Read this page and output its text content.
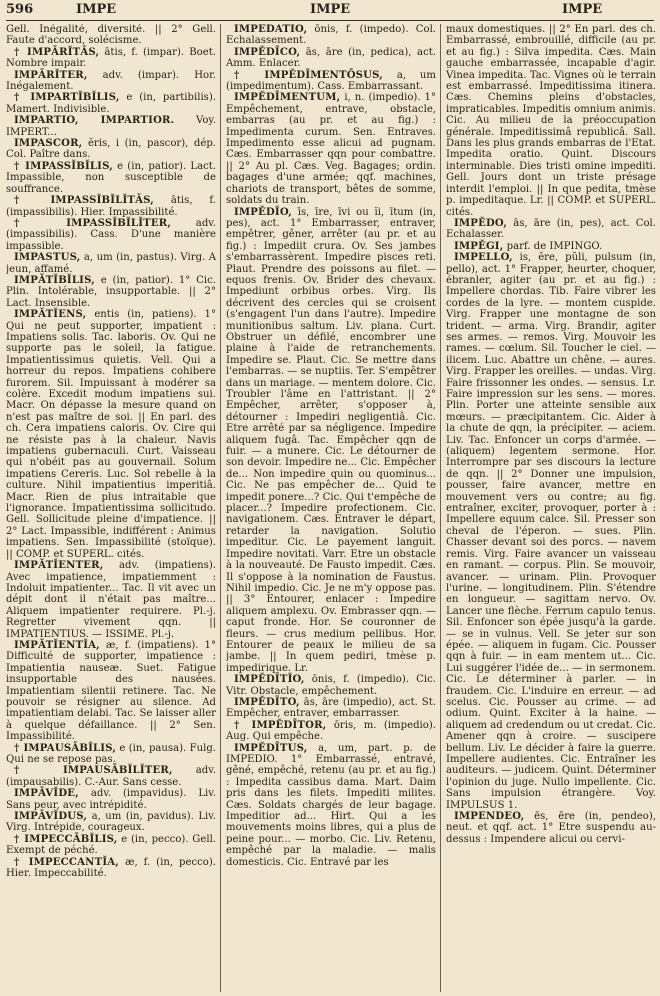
596	IMPE	IMPE	IMPE

Gell. Inégalité, diversité. || 2° Gell. Faute d'accord, solécisme.

† IMPĀRĬTĀS, ātis, f. (impar). Boet. Nombre impair.

IMPĀRĬTER, adv. (impar). Hor. Inégalement.

† IMPARTĬBĬLIS, e (in, partibilis). Mamert. Indivisible.

IMPARTIO, IMPARTIOR. Voy. IMPERT...

IMPASCOR, ĕris, i (in, pascor), dép. Col. Paître dans.

† IMPASSĬBĬLIS, e (in, patior). Lact. Impassible, non susceptible de souffrance.

† IMPASSĬBĬLĬTĀS, ātis, f. (impassibilis). Hier. Impassibilité.

† IMPASSĬBĬLĬTER, adv. (impassibilis). Cass. D'une manière impassible.

IMPASTUS, a, um (in, pastus). Virg. A jeun, affamé.

IMPĂTĬBĬLIS, e (in, patior). 1° Cic. Plin. Intolérable, insupportable. || 2° Lact. Insensible.

IMPĂTĬENS, entis (in, patiens). 1° Qui ne peut supporter, impatient : Impatiens solis. Tac. laboris. Ov. Qui ne supporte pas le soleil, la fatigue. Impatientissimus quietis. Vell. Qui a horreur du repos. Impatiens cohibere furorem. Sil. Impuissant à modérer sa colère. Excedit modum impatiens sui. Macr. On dépasse la mesure quand on n'est pas maître de soi. || En parl. des ch. Cera impatiens caloris. Ov. Cire qui ne résiste pas à la chaleur. Navis impatiens gubernaculi. Curt. Vaisseau qui n'obéit pas au gouvernail. Solum impatiens Cereris. Luc. Sol rebelle à la culture. Nihil impatientius imperitiâ. Macr. Rien de plus intraitable que l'ignorance. Impatientissima sollicitudo. Gell. Sollicitude pleine d'impatience. || 2° Lact. Impassible, indifférent : Animus impatiens. Sen. Impassibilité (stoïque). || COMP. et SUPERL. cités.

IMPĂTĬENTER, adv. (impatiens). Avec impatience, impatiemment : Indoluit impatienter... Tac. Il vit avec un dépit dont il n'était pas maître... Aliquem impatienter requirere. Pl.-j. Regretter vivement qqn. || IMPATIENTIUS. — ISSIME. Pl.-j.

IMPĂTĬENTĬA, æ, f. (impatiens). 1° Difficulté de supporter, impatience : Impatientia nauseæ. Suet. Fatigue insupportable des nausées. Impatientiam silentii retinere. Tac. Ne pouvoir se résigner au silence. Ad impatientiam delabi. Tac. Se laisser aller à quelque défaillance. || 2° Sen. Impassibilité.

† IMPAUSĀBĬLIS, e (in, pausa). Fulg. Qui ne se repose pas.

† IMPAUSĀBĬLĬTER, adv. (impausabilis). C.-Aur. Sans cesse.

IMPĀVĬDE, adv. (impavidus). Liv. Sans peur, avec intrépidité.

IMPĀVĬDUS, a, um (in, pavidus). Liv. Virg. Intrépide, courageux.

† IMPECCĀBĬLIS, e (in, pecco). Gell. Exempt de péché.

† IMPECCANTĬA, æ, f. (in, pecco). Hier. Impeccabilité.

IMPĔDĀTĬO, ōnis, f. (impedo). Col. Echalassement.

IMPĔDĪCO, ās, āre (in, pedica), act. Amm. Enlacer.

† IMPĔDĪMENTŌSUS, a, um (impedimentum). Cass. Embarrassant.

IMPĔDĪMENTUM, i, n. (impedio). 1° Empêchement, entrave, obstacle, embarras (au pr. et au fig.) : Impedimenta curum. Sen. Entraves. Impedimento esse alicui ad pugnam. Cæs. Embarrasser qqn pour combattre. || 2° Au pl. Cæs. Veg. Bagages; ordin. bagages d'une armée; qqf. machines, chariots de transport, bêtes de somme, soldats du train.

IMPĔDĬO, īs, īre, īvi ou ĭi, ītum (in, pes), act. 1° Embarrasser, entraver, empêtrer, gêner, arrêter (au pr. et au fig.) : Impediit crura. Ov. Ses jambes s'embarrassèrent. Impedire pisces reti. Plaut. Prendre des poissons au filet. — equos frenis. Ov. Brider des chevaux. Impediunt orbibus orbes. Virg. Ils décrivent des cercles qui se croisent (s'engagent l'un dans l'autre). Impedire munitionibus saltum. Liv. plana. Curt. Obstruer un défilé, encombrer une plaine à l'aide de retranchements. Impedire se. Plaut. Cic. Se mettre dans l'embarras. — se nuptiis. Ter. S'empêtrer dans un mariage. — mentem dolore. Cic. Troubler l'âme en l'attristant. || 2° Empêcher, arrêter, s'opposer à, détourner : Impediri negligentiâ. Cic. Etre arrêté par sa négligence. Impedire aliquem fugâ. Tac. Empêcher qqn de fuir. — a munere. Cic. Le détourner de son devoir. Impedire ne... Cic. Empêcher de... Non impedire quin ou quominus... Cic. Ne pas empêcher de... Quid te impedit ponere...? Cic. Qui t'empêche de placer...? Impedire profectionem. Cic. navigationem. Cæs. Entraver le départ, retarder la navigation. Solutio impeditur. Cic. Le payement languit. Impedire novitati. Varr. Etre un obstacle à la nouveauté. De Fausto impedit. Cæs. Il s'oppose à la nomination de Faustus. Nihil impedio. Cic. Je ne m'y oppose pas. || 3° Entourer, enlacer : Impedire aliquem amplexu. Ov. Embrasser qqn. — caput fronde. Hor. Se couronner de fleurs. — crus medium pellibus. Hor. Entourer de peaux le milieu de sa jambe. || In quem pediri, tmèse p. impedirique. Lr.

IMPĔDĪTĬO, ōnis, f. (impedio). Cic. Vitr. Obstacle, empêchement.

IMPĔDĪTO, ās, āre (impedio), act. St. Empêcher, entraver, embarrasser.

† IMPĔDĪTOR, ōris, m. (impedio). Aug. Qui empêche.

IMPĔDĪTUS, a, um, part. p. de IMPEDIO. 1° Embarrassé, entravé, gêné, empêché, retenu (au pr. et au fig.) : Impedita cassibus dama. Mart. Daim pris dans les filets. Impediti milites. Cæs. Soldats chargés de leur bagage. Impeditior ad... Hirt. Qui a les mouvements moins libres, qui a plus de peine pour... — morbo. Cic. Liv. Retenu, empêché par la maladie. — malis domesticis. Cic. Entravé par les

maux domestiques. || 2° En parl. des ch. Embarrassé, embrouillé, difficile (au pr. et au fig.) : Silva impedita. Cæs. Main gauche embarrassée, incapable d'agir. Vinea impedita. Tac. Vignes où le terrain est embarrassé. Impeditissima itinera. Cæs. Chemins pleins d'obstacles, impraticables. Impeditis omnium animis. Cic. Au milieu de la préoccupation générale. Impeditissimâ republicâ. Sall. Dans les plus grands embarras de l'Etat. Impedita oratio. Quint. Discours interminable. Dies tristi omine impediti. Gell. Jours dont un triste présage interdit l'emploi. || In que pedita, tmèse p. impeditaque. Lr. || COMP. et SUPERL. cités.

IMPĔDO, ās, āre (in, pes), act. Col. Echalasser.

IMPĔGI, parf. de IMPINGO.

IMPELLO, is, ĕre, pŭli, pulsum (in, pello), act. 1° Frapper, heurter, choquer, ébranler, agiter (au pr. et au fig.) : Impellere chordas. Tib. Faire vibrer les cordes de la lyre. — montem cuspide. Virg. Frapper une montagne de son trident. — arma. Virg. Brandir, agiter ses armes. — remos. Virg. Mouvoir les rames. — cœlum. Sil. Toucher le ciel. — ilicem. Luc. Abattre un chêne. — aures. Virg. Frapper les oreilles. — undas. Virg. Faire frissonner les ondes. — sensus. Lr. Faire impression sur les sens. — mores. Plin. Porter une atteinte sensible aux mœurs. — præcipitantem. Cic. Aider à la chute de qqn, la précipiter. — aciem. Liv. Tac. Enfoncer un corps d'armée. — (aliquem) legentem sermone. Hor. Interrompre par ses discours la lecture de qqn. || 2° Donner une impulsion, pousser, faire avancer, mettre en mouvement vers ou contre; au fig. entraîner, exciter, provoquer, porter à : Impellere equum calce. Sil. Presser son cheval de l'éperon. — sues. Plin. Chasser devant soi des porcs. — navem remis. Virg. Faire avancer un vaisseau en ramant. — corpus. Plin. Se mouvoir, avancer. — urinam. Plin. Provoquer l'urine. — longitudinem. Plin. S'étendre en longueur. — sagittam nervo. Ov. Lancer une flèche. Ferrum capulo tenus. Sil. Enfoncer son épée jusqu'à la garde. — se in vulnus. Vell. Se jeter sur son épée. — aliquem in fugam. Cic. Pousser qqn à fuir. — in eam mentem ut... Cic. Lui suggérer l'idée de... — in sermonem. Cic. Le déterminer à parler. — in fraudem. Cic. L'induire en erreur. — ad scelus. Cic. Pousser au crime. — ad odium. Quint. Exciter à la haine. — aliquem ad credendum ou ut credat. Cic. Amener qqn à croire. — suscipere bellum. Liv. Le décider à faire la guerre. Impellere audientes. Cic. Entraîner les auditeurs. — judicem. Quint. Déterminer l'opinion du juge. Nullo impellente. Cic. Sans impulsion étrangère. Voy. IMPULSUS 1.

IMPENDEO, ēs, ēre (in, pendeo), neut. et qqf. act. 1° Etre suspendu au-dessus : Impendere alicui ou cervi-
